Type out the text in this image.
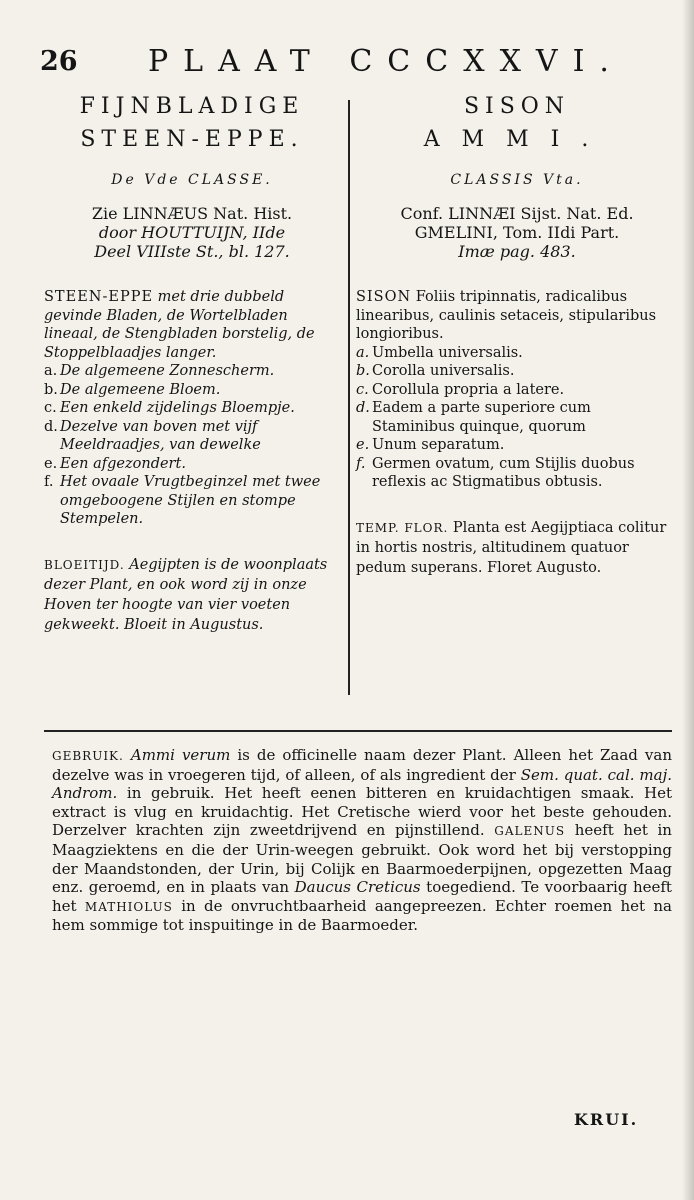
26 PLAAT CCCXXVI.

FIJNBLADIGE

STEEN-EPPE.

De Vde CLASSE.
Zie LINNÆUS Nat. Hist.
door HOUTTUIJN, IIde
Deel VIIIste St., bl. 127.
STEEN-EPPE met drie dubbeld gevinde Bladen, de Wortelbladen lineaal, de Stengbladen borstelig, de Stoppelblaadjes langer.
a. De algemeene Zonnescherm.
b. De algemeene Bloem.
c. Een enkeld zijdelings Bloempje.
d. Dezelve van boven met vijf Meeldraadjes, van dewelke
e. Een afgezondert.
f. Het ovaale Vrugtbeginzel met twee omgeboogene Stijlen en stompe Stempelen.
BLOEITIJD. Aegijpten is de woonplaats dezer Plant, en ook word zij in onze Hoven ter hoogte van vier voeten gekweekt. Bloeit in Augustus.

SISON

AMMI.

CLASSIS Vta.
Conf. LINNÆI Sijst. Nat. Ed.
GMELINI, Tom. IIdi Part.
Imæ pag. 483.
SISON Foliis tripinnatis, radicalibus linearibus, caulinis setaceis, stipularibus longioribus.
a. Umbella universalis.
b. Corolla universalis.
c. Corollula propria a latere.
d. Eadem a parte superiore cum Staminibus quinque, quorum
e. Unum separatum.
f. Germen ovatum, cum Stijlis duobus reflexis ac Stigmatibus obtusis.
TEMP. FLOR. Planta est Aegijptiaca colitur in hortis nostris, altitudinem quatuor pedum superans. Floret Augusto.
GEBRUIK. Ammi verum is de officinelle naam dezer Plant. Alleen het Zaad van dezelve was in vroegeren tijd, of alleen, of als ingredient der Sem. quat. cal. maj. Androm. in gebruik. Het heeft eenen bitteren en kruidachtigen smaak. Het extract is vlug en kruidachtig. Het Cretische wierd voor het beste gehouden. Derzelver krachten zijn zweetdrijvend en pijnstillend. GALENUS heeft het in Maagziektens en die der Urin-weegen gebruikt. Ook word het bij verstopping der Maandstonden, der Urin, bij Colijk en Baarmoederpijnen, opgezetten Maag enz. geroemd, en in plaats van Daucus Creticus toegediend. Te voorbaarig heeft het MATHIOLUS in de onvruchtbaarheid aangepreezen. Echter roemen het na hem sommige tot inspuitinge in de Baarmoeder.
KRUI.
